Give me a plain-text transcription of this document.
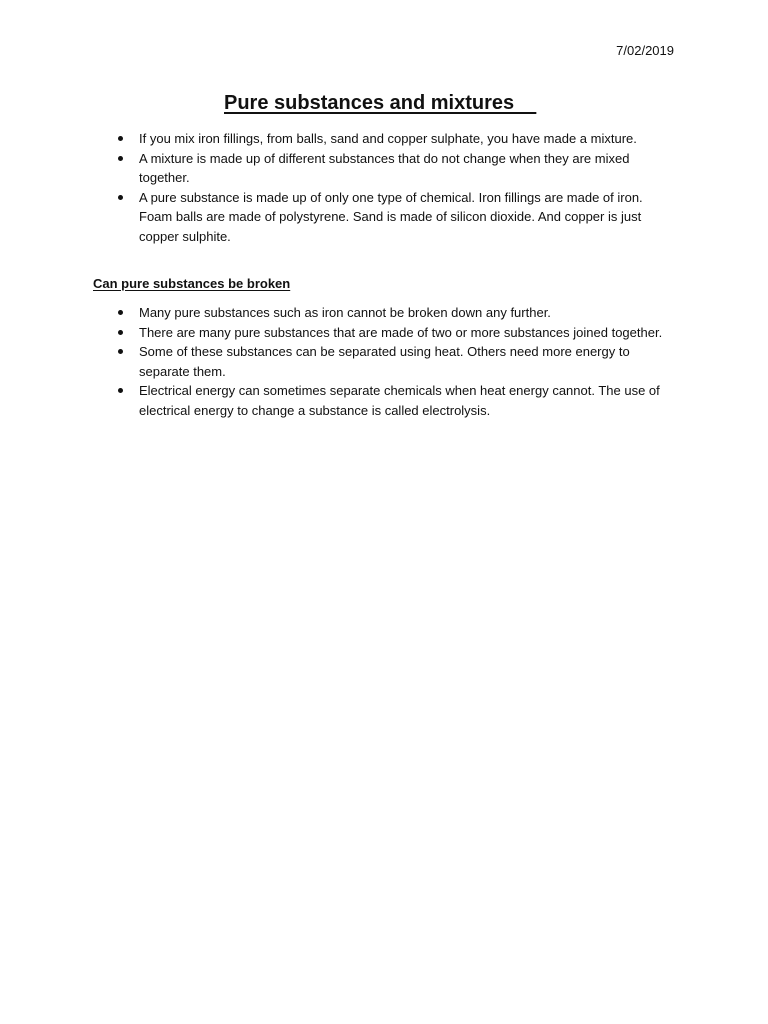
7/02/2019
Pure substances and mixtures
If you mix iron fillings, from balls, sand and copper sulphate, you have made a mixture.
A mixture is made up of different substances that do not change when they are mixed together.
A pure substance is made up of only one type of chemical. Iron fillings are made of iron. Foam balls are made of polystyrene. Sand is made of silicon dioxide. And copper is just copper sulphite.
Can pure substances be broken
Many pure substances such as iron cannot be broken down any further.
There are many pure substances that are made of two or more substances joined together.
Some of these substances can be separated using heat. Others need more energy to separate them.
Electrical energy can sometimes separate chemicals when heat energy cannot. The use of electrical energy to change a substance is called electrolysis.
